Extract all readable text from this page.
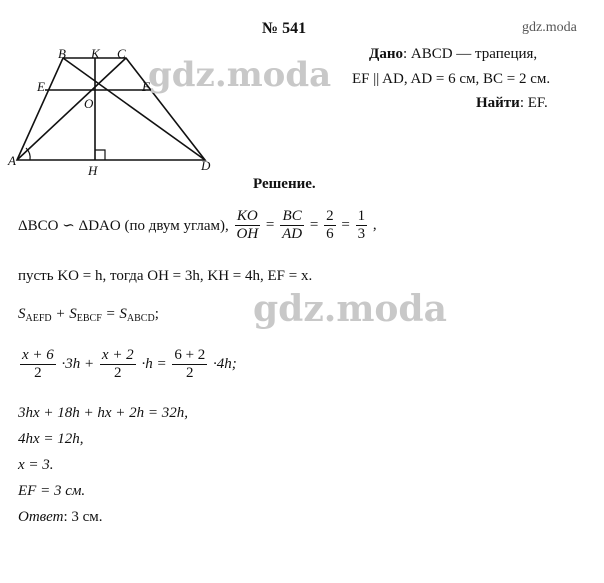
№ 541	gdz.moda
B K C
E	F
O
A
H	D
gdz.moda
Дано: ABCD — трапеция,
EF || AD, AD = 6 см, BC = 2 см.
Найти: EF.
Решение.
ΔBCO ∽ ΔDAO (по двум углам), $\frac{KO}{OH} = \frac{BC}{AD} = \frac{2}{6} = \frac{1}{3}$ ,
пусть KO = h, тогда OH = 3h, KH = 4h, EF = x.
$S_{AEFD} + S_{EBCF} = S_{ABCD}$;	gdz.moda
$\frac{x + 6}{2} \cdot 3h + \frac{x + 2}{2} \cdot h = \frac{6 + 2}{2} \cdot 4h$;
3hx + 18h + hx + 2h = 32h,
4hx = 12h,
x = 3.
EF = 3 см.
Ответ: 3 см.
